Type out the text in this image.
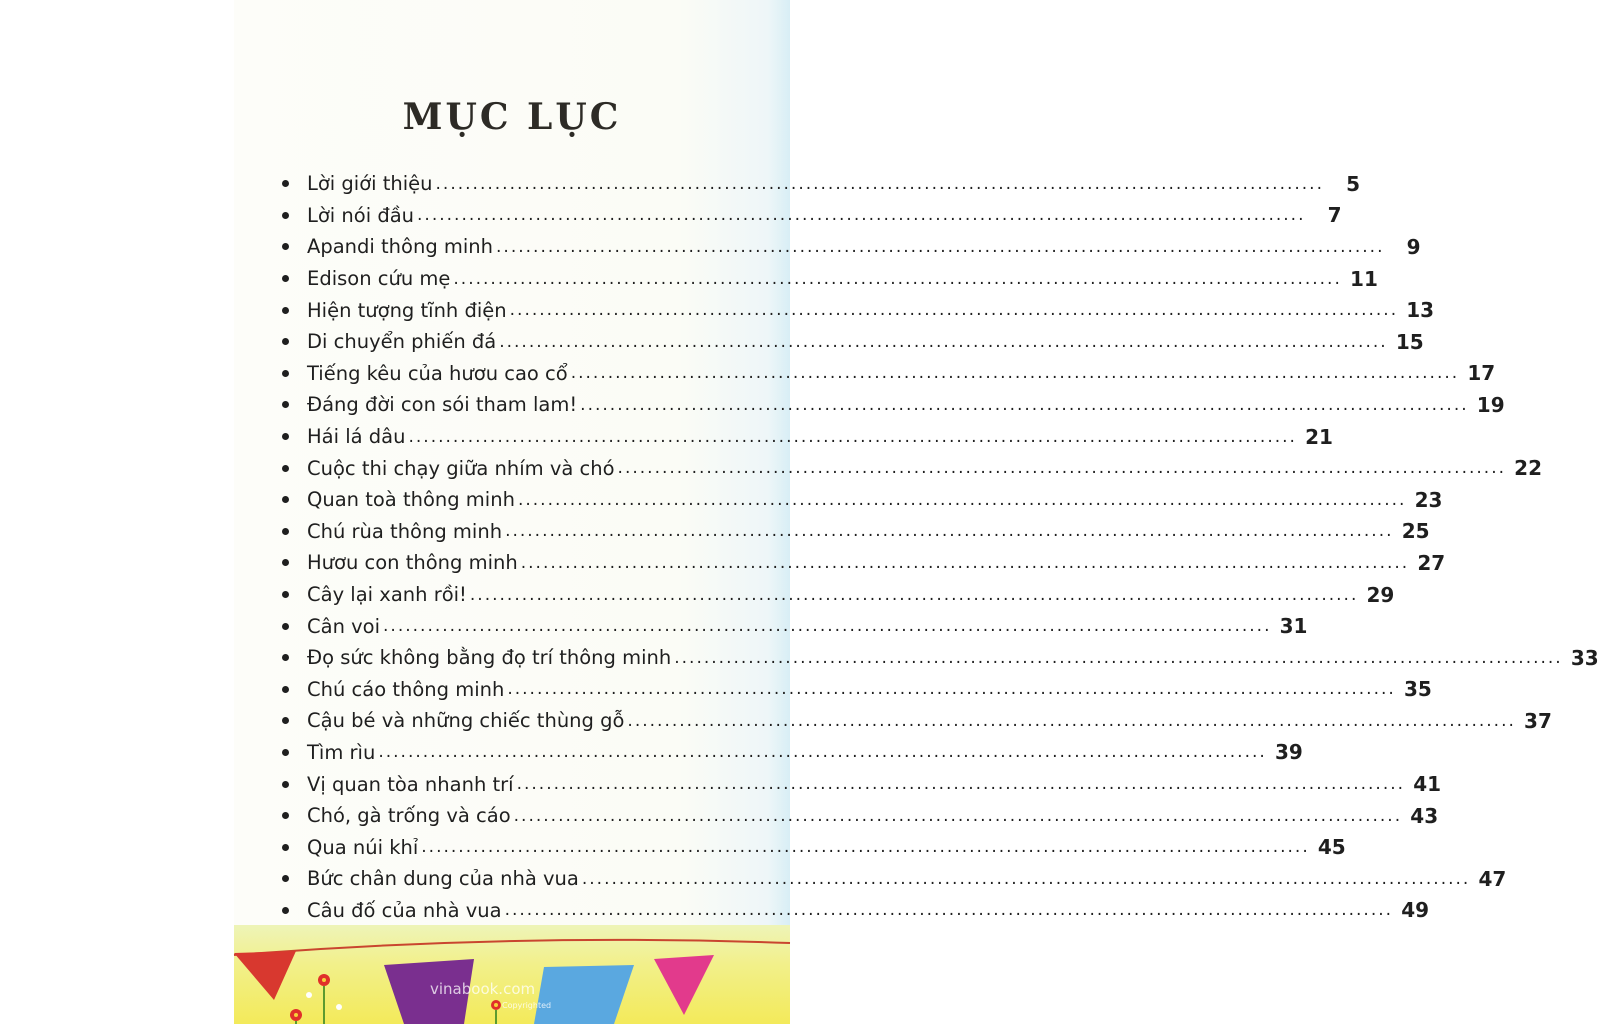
MỤC LỤC
Lời giới thiệu ........................................................................................................................	5
Lời nói đầu ........................................................................................................................	7
Apandi thông minh ........................................................................................................................	9
Edison cứu mẹ ........................................................................................................................ 11
Hiện tượng tĩnh điện ........................................................................................................................ 13
Di chuyển phiến đá ........................................................................................................................ 15
Tiếng kêu của hươu cao cổ ........................................................................................................................ 17
Đáng đời con sói tham lam! ........................................................................................................................ 19
Hái lá dâu ........................................................................................................................ 21
Cuộc thi chạy giữa nhím và chó ........................................................................................................................ 22
Quan toà thông minh ........................................................................................................................ 23
Chú rùa thông minh ........................................................................................................................ 25
Hươu con thông minh ........................................................................................................................ 27
Cây lại xanh rồi! ........................................................................................................................ 29
Cân voi ........................................................................................................................ 31
Đọ sức không bằng đọ trí thông minh ........................................................................................................................ 33
Chú cáo thông minh ........................................................................................................................ 35
Cậu bé và những chiếc thùng gỗ ........................................................................................................................ 37
Tìm rìu ........................................................................................................................ 39
Vị quan tòa nhanh trí ........................................................................................................................ 41
Chó, gà trống và cáo ........................................................................................................................ 43
Qua núi khỉ ........................................................................................................................ 45
Bức chân dung của nhà vua ........................................................................................................................ 47
Câu đố của nhà vua ........................................................................................................................ 49
vinabook.com
Copyrighted
